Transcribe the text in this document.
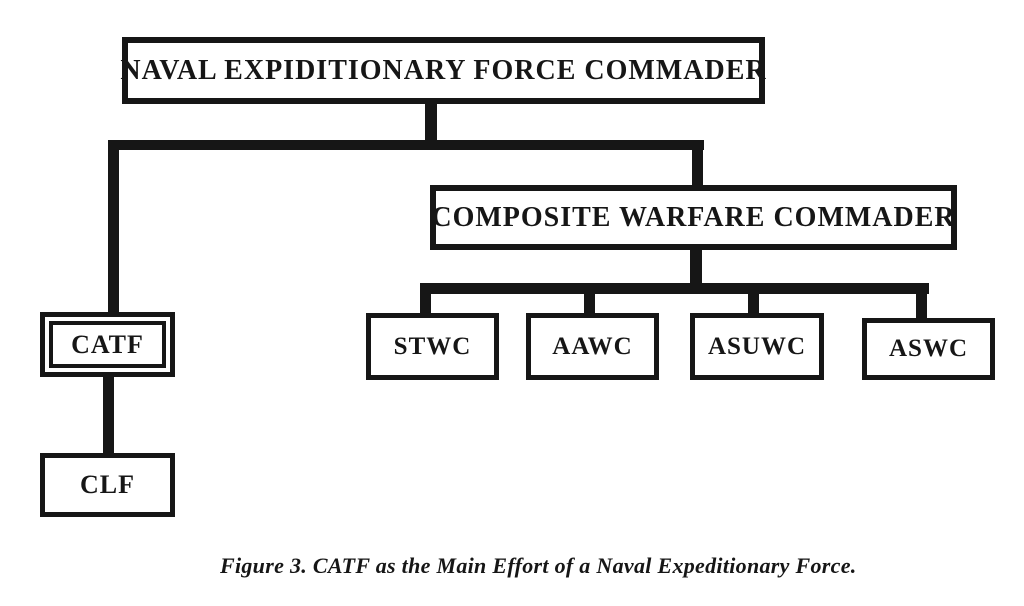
NAVAL EXPIDITIONARY FORCE COMMADER
COMPOSITE WARFARE COMMADER
CATF
CLF
STWC	AAWC	ASUWC	ASWC
Figure 3. CATF as the Main Effort of a Naval Expeditionary Force.
